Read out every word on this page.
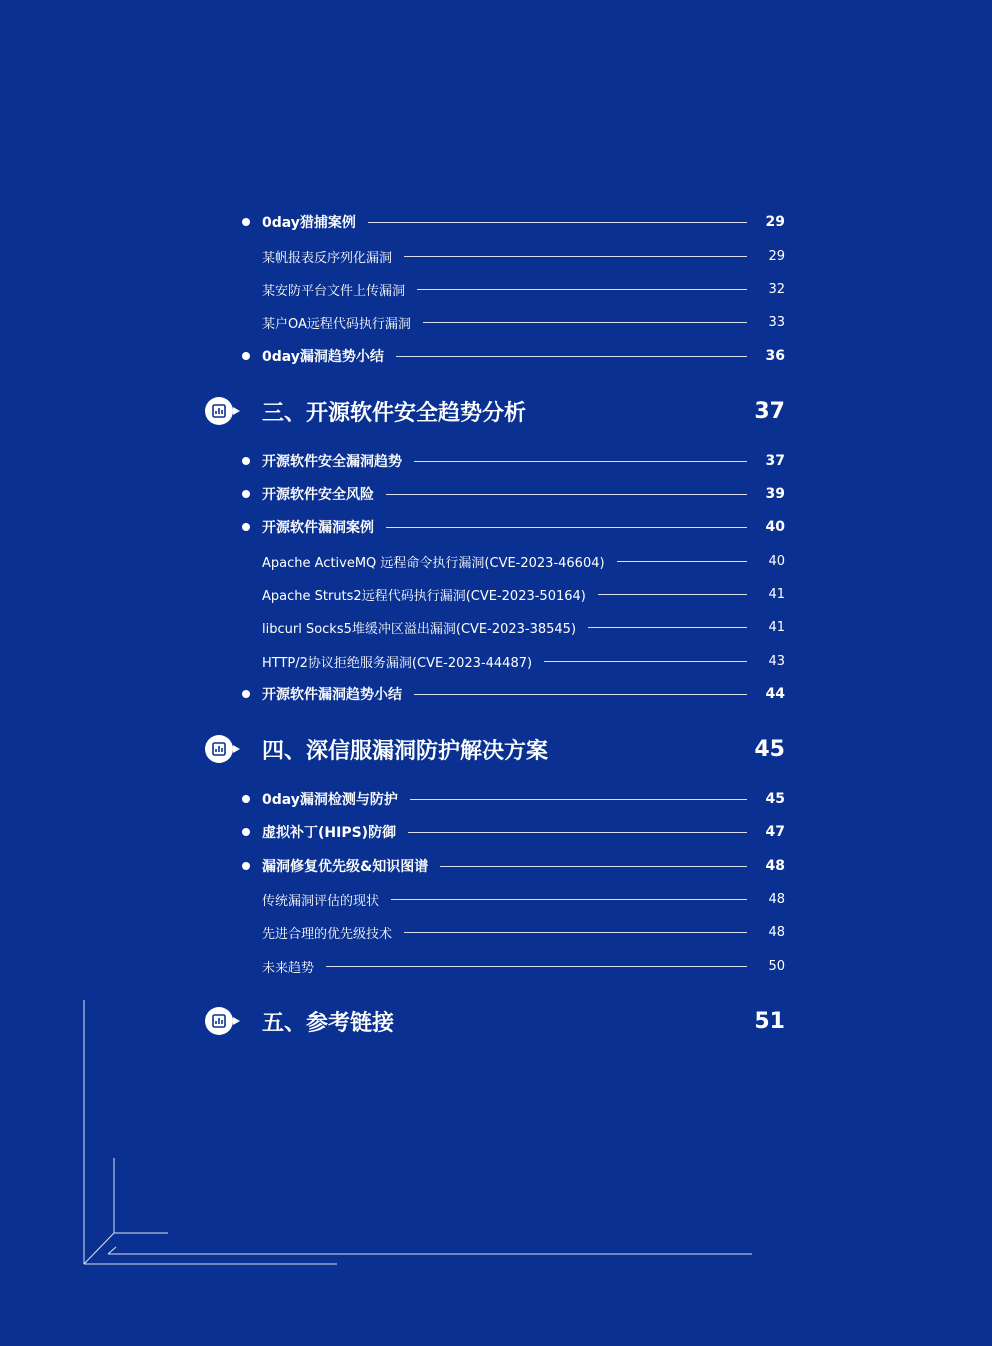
0day猎捕案例	29
某帆报表反序列化漏洞	29
某安防平台文件上传漏洞	32
某户OA远程代码执行漏洞	33
0day漏洞趋势小结	36
三、开源软件安全趋势分析	37
开源软件安全漏洞趋势	37
开源软件安全风险	39
开源软件漏洞案例	40
Apache ActiveMQ 远程命令执行漏洞(CVE-2023-46604)	40
Apache Struts2远程代码执行漏洞(CVE-2023-50164)	41
libcurl Socks5堆缓冲区溢出漏洞(CVE-2023-38545)	41
HTTP/2协议拒绝服务漏洞(CVE-2023-44487)	43
开源软件漏洞趋势小结	44
四、深信服漏洞防护解决方案	45
0day漏洞检测与防护	45
虚拟补丁(HIPS)防御	47
漏洞修复优先级&知识图谱	48
传统漏洞评估的现状	48
先进合理的优先级技术	48
未来趋势	50
五、参考链接	51
